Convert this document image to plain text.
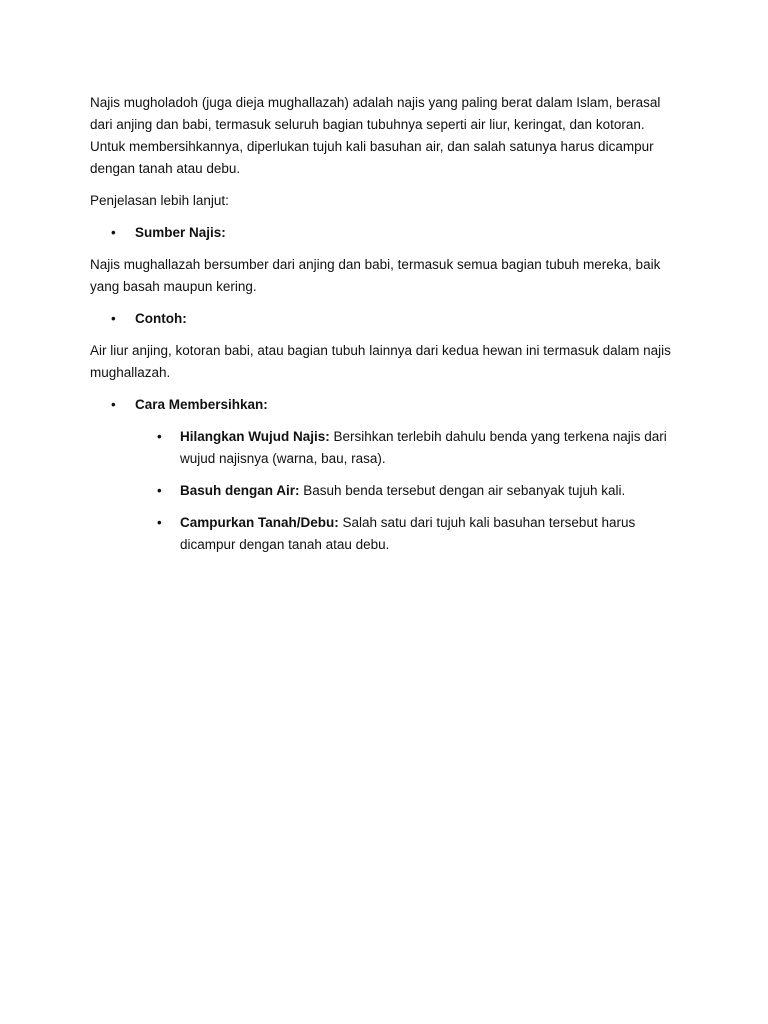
Najis mugholadoh (juga dieja mughallazah) adalah najis yang paling berat dalam Islam, berasal dari anjing dan babi, termasuk seluruh bagian tubuhnya seperti air liur, keringat, dan kotoran. Untuk membersihkannya, diperlukan tujuh kali basuhan air, dan salah satunya harus dicampur dengan tanah atau debu.

Penjelasan lebih lanjut:

• Sumber Najis:

Najis mughallazah bersumber dari anjing dan babi, termasuk semua bagian tubuh mereka, baik yang basah maupun kering.

• Contoh:

Air liur anjing, kotoran babi, atau bagian tubuh lainnya dari kedua hewan ini termasuk dalam najis mughallazah.

• Cara Membersihkan:
• Hilangkan Wujud Najis: Bersihkan terlebih dahulu benda yang terkena najis dari wujud najisnya (warna, bau, rasa).
• Basuh dengan Air: Basuh benda tersebut dengan air sebanyak tujuh kali.
• Campurkan Tanah/Debu: Salah satu dari tujuh kali basuhan tersebut harus dicampur dengan tanah atau debu.
